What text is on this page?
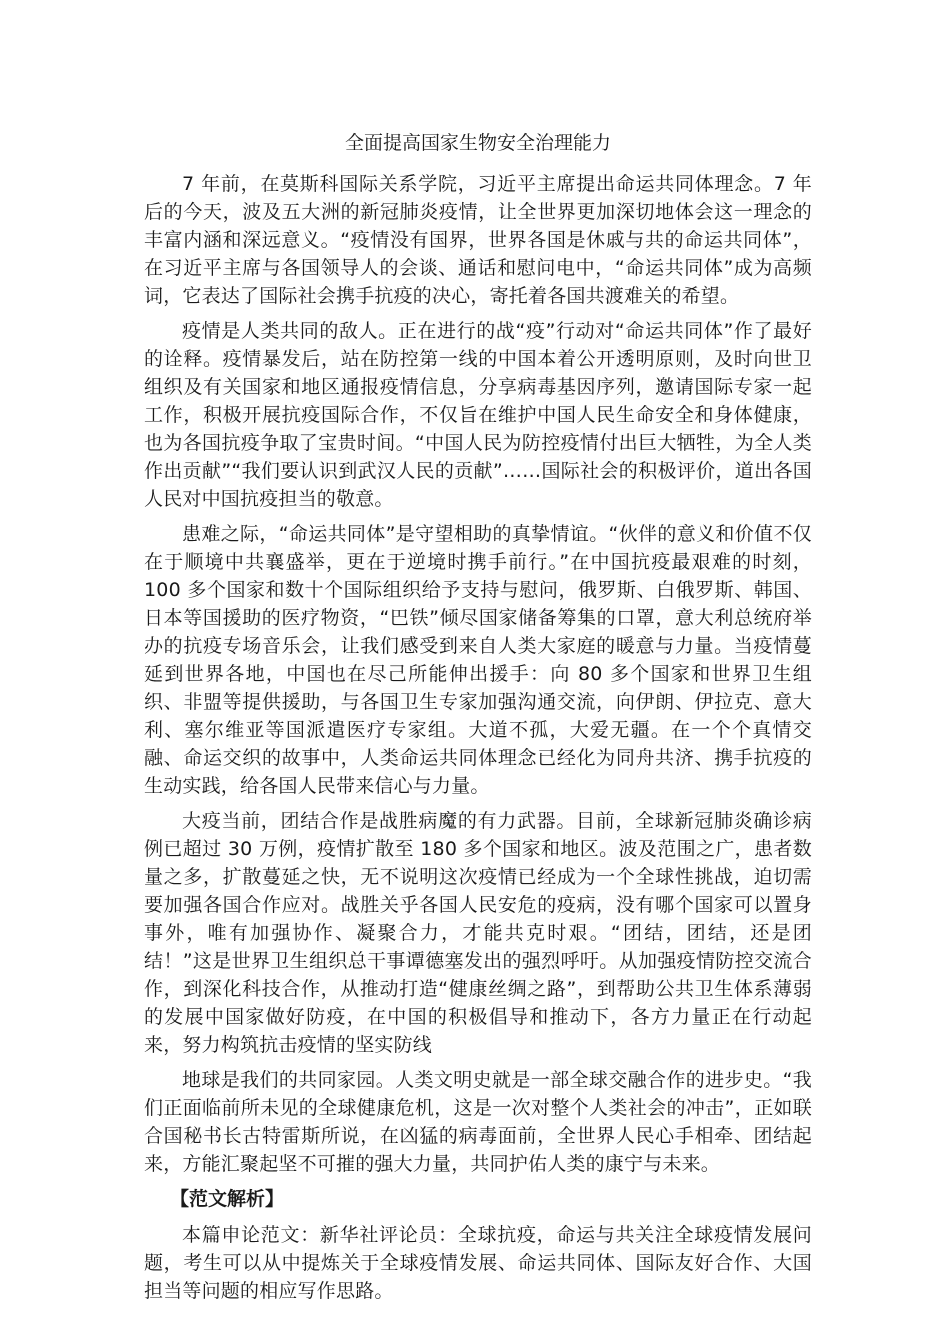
全面提高国家生物安全治理能力

7 年前，在莫斯科国际关系学院，习近平主席提出命运共同体理念。7 年后的今天，波及五大洲的新冠肺炎疫情，让全世界更加深切地体会这一理念的丰富内涵和深远意义。“疫情没有国界，世界各国是休戚与共的命运共同体”，在习近平主席与各国领导人的会谈、通话和慰问电中，“命运共同体”成为高频词，它表达了国际社会携手抗疫的决心，寄托着各国共渡难关的希望。

疫情是人类共同的敌人。正在进行的战“疫”行动对“命运共同体”作了最好的诠释。疫情暴发后，站在防控第一线的中国本着公开透明原则，及时向世卫组织及有关国家和地区通报疫情信息，分享病毒基因序列，邀请国际专家一起工作，积极开展抗疫国际合作，不仅旨在维护中国人民生命安全和身体健康，也为各国抗疫争取了宝贵时间。“中国人民为防控疫情付出巨大牺牲，为全人类作出贡献”“我们要认识到武汉人民的贡献”……国际社会的积极评价，道出各国人民对中国抗疫担当的敬意。

患难之际，“命运共同体”是守望相助的真挚情谊。“伙伴的意义和价值不仅在于顺境中共襄盛举，更在于逆境时携手前行。”在中国抗疫最艰难的时刻，100 多个国家和数十个国际组织给予支持与慰问，俄罗斯、白俄罗斯、韩国、日本等国援助的医疗物资，“巴铁”倾尽国家储备筹集的口罩，意大利总统府举办的抗疫专场音乐会，让我们感受到来自人类大家庭的暖意与力量。当疫情蔓延到世界各地，中国也在尽己所能伸出援手：向 80 多个国家和世界卫生组织、非盟等提供援助，与各国卫生专家加强沟通交流，向伊朗、伊拉克、意大利、塞尔维亚等国派遣医疗专家组。大道不孤，大爱无疆。在一个个真情交融、命运交织的故事中，人类命运共同体理念已经化为同舟共济、携手抗疫的生动实践，给各国人民带来信心与力量。

大疫当前，团结合作是战胜病魔的有力武器。目前，全球新冠肺炎确诊病例已超过 30 万例，疫情扩散至 180 多个国家和地区。波及范围之广，患者数量之多，扩散蔓延之快，无不说明这次疫情已经成为一个全球性挑战，迫切需要加强各国合作应对。战胜关乎各国人民安危的疫病，没有哪个国家可以置身事外，唯有加强协作、凝聚合力，才能共克时艰。“团结，团结，还是团结！”这是世界卫生组织总干事谭德塞发出的强烈呼吁。从加强疫情防控交流合作，到深化科技合作，从推动打造“健康丝绸之路”，到帮助公共卫生体系薄弱的发展中国家做好防疫，在中国的积极倡导和推动下，各方力量正在行动起来，努力构筑抗击疫情的坚实防线

地球是我们的共同家园。人类文明史就是一部全球交融合作的进步史。“我们正面临前所未见的全球健康危机，这是一次对整个人类社会的冲击”，正如联合国秘书长古特雷斯所说，在凶猛的病毒面前，全世界人民心手相牵、团结起来，方能汇聚起坚不可摧的强大力量，共同护佑人类的康宁与未来。

【范文解析】

本篇申论范文：新华社评论员：全球抗疫，命运与共关注全球疫情发展问题，考生可以从中提炼关于全球疫情发展、命运共同体、国际友好合作、大国担当等问题的相应写作思路。
